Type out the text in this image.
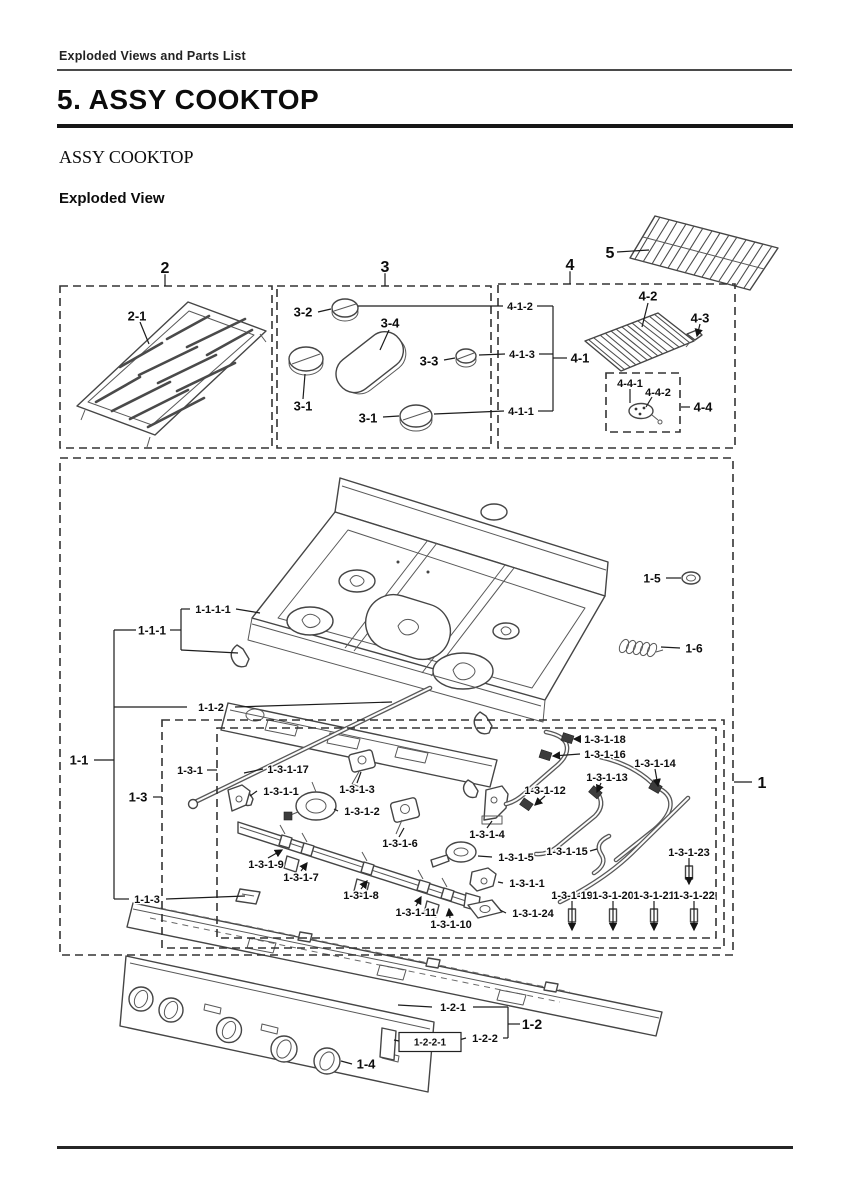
Exploded Views and Parts List
5. ASSY COOKTOP
ASSY COOKTOP
Exploded View
2
2-1
3
3-2
3-4
3-1
3-3
3-1
4
4-1-2
4-1-3
4-1-1
4-1
4-2
4-3
4-4-1
4-4-2
4-4
5
1
1-5
1-6
1-1-1-1
1-1-1
1-1-2
1-1
1-1-3
1-3
1-3-1	1-3-1-17
1-3-1-1	1-3-1-3
1-3-1-2
1-3-1-6
1-3-1-4
1-3-1-5
1-3-1-1
1-3-1-24
1-3-1-9
1-3-1-7
1-3-1-8
1-3-1-11
1-3-1-10
1-3-1-18
1-3-1-16
1-3-1-13
1-3-1-14
1-3-1-12
1-3-1-15	1-3-1-23
1-3-1-19 1-3-1-20 1-3-1-21
1-3-1-22
1-2-1
1-2
1-2-2
1-2-2-1
1-4
